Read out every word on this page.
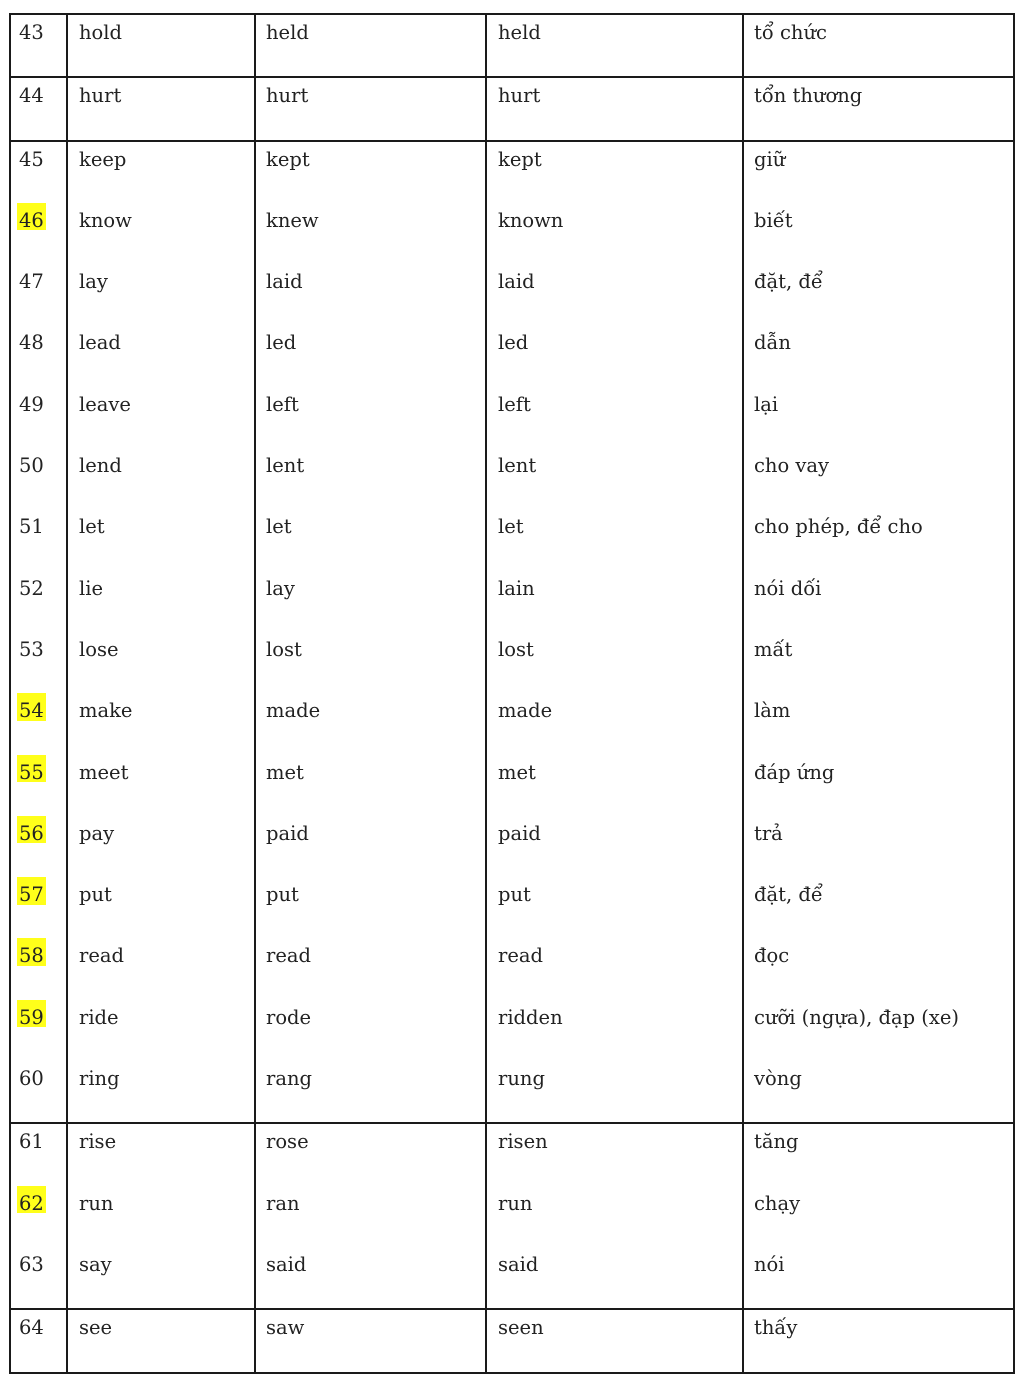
43	hold	held	held	tổ chức
44	hurt	hurt	hurt	tổn thương
45	keep	kept	kept	giữ
46	know	knew	known	biết
47	lay	laid	laid	đặt, để
48	lead	led	led	dẫn
49	leave	left	left	lại
50	lend	lent	lent	cho vay
51	let	let	let	cho phép, để cho
52	lie	lay	lain	nói dối
53	lose	lost	lost	mất
54	make	made	made	làm
55	meet	met	met	đáp ứng
56	pay	paid	paid	trả
57	put	put	put	đặt, để
58	read	read	read	đọc
59	ride	rode	ridden	cưỡi (ngựa), đạp (xe)
60	ring	rang	rung	vòng
61	rise	rose	risen	tăng
62	run	ran	run	chạy
63	say	said	said	nói
64	see	saw	seen	thấy
